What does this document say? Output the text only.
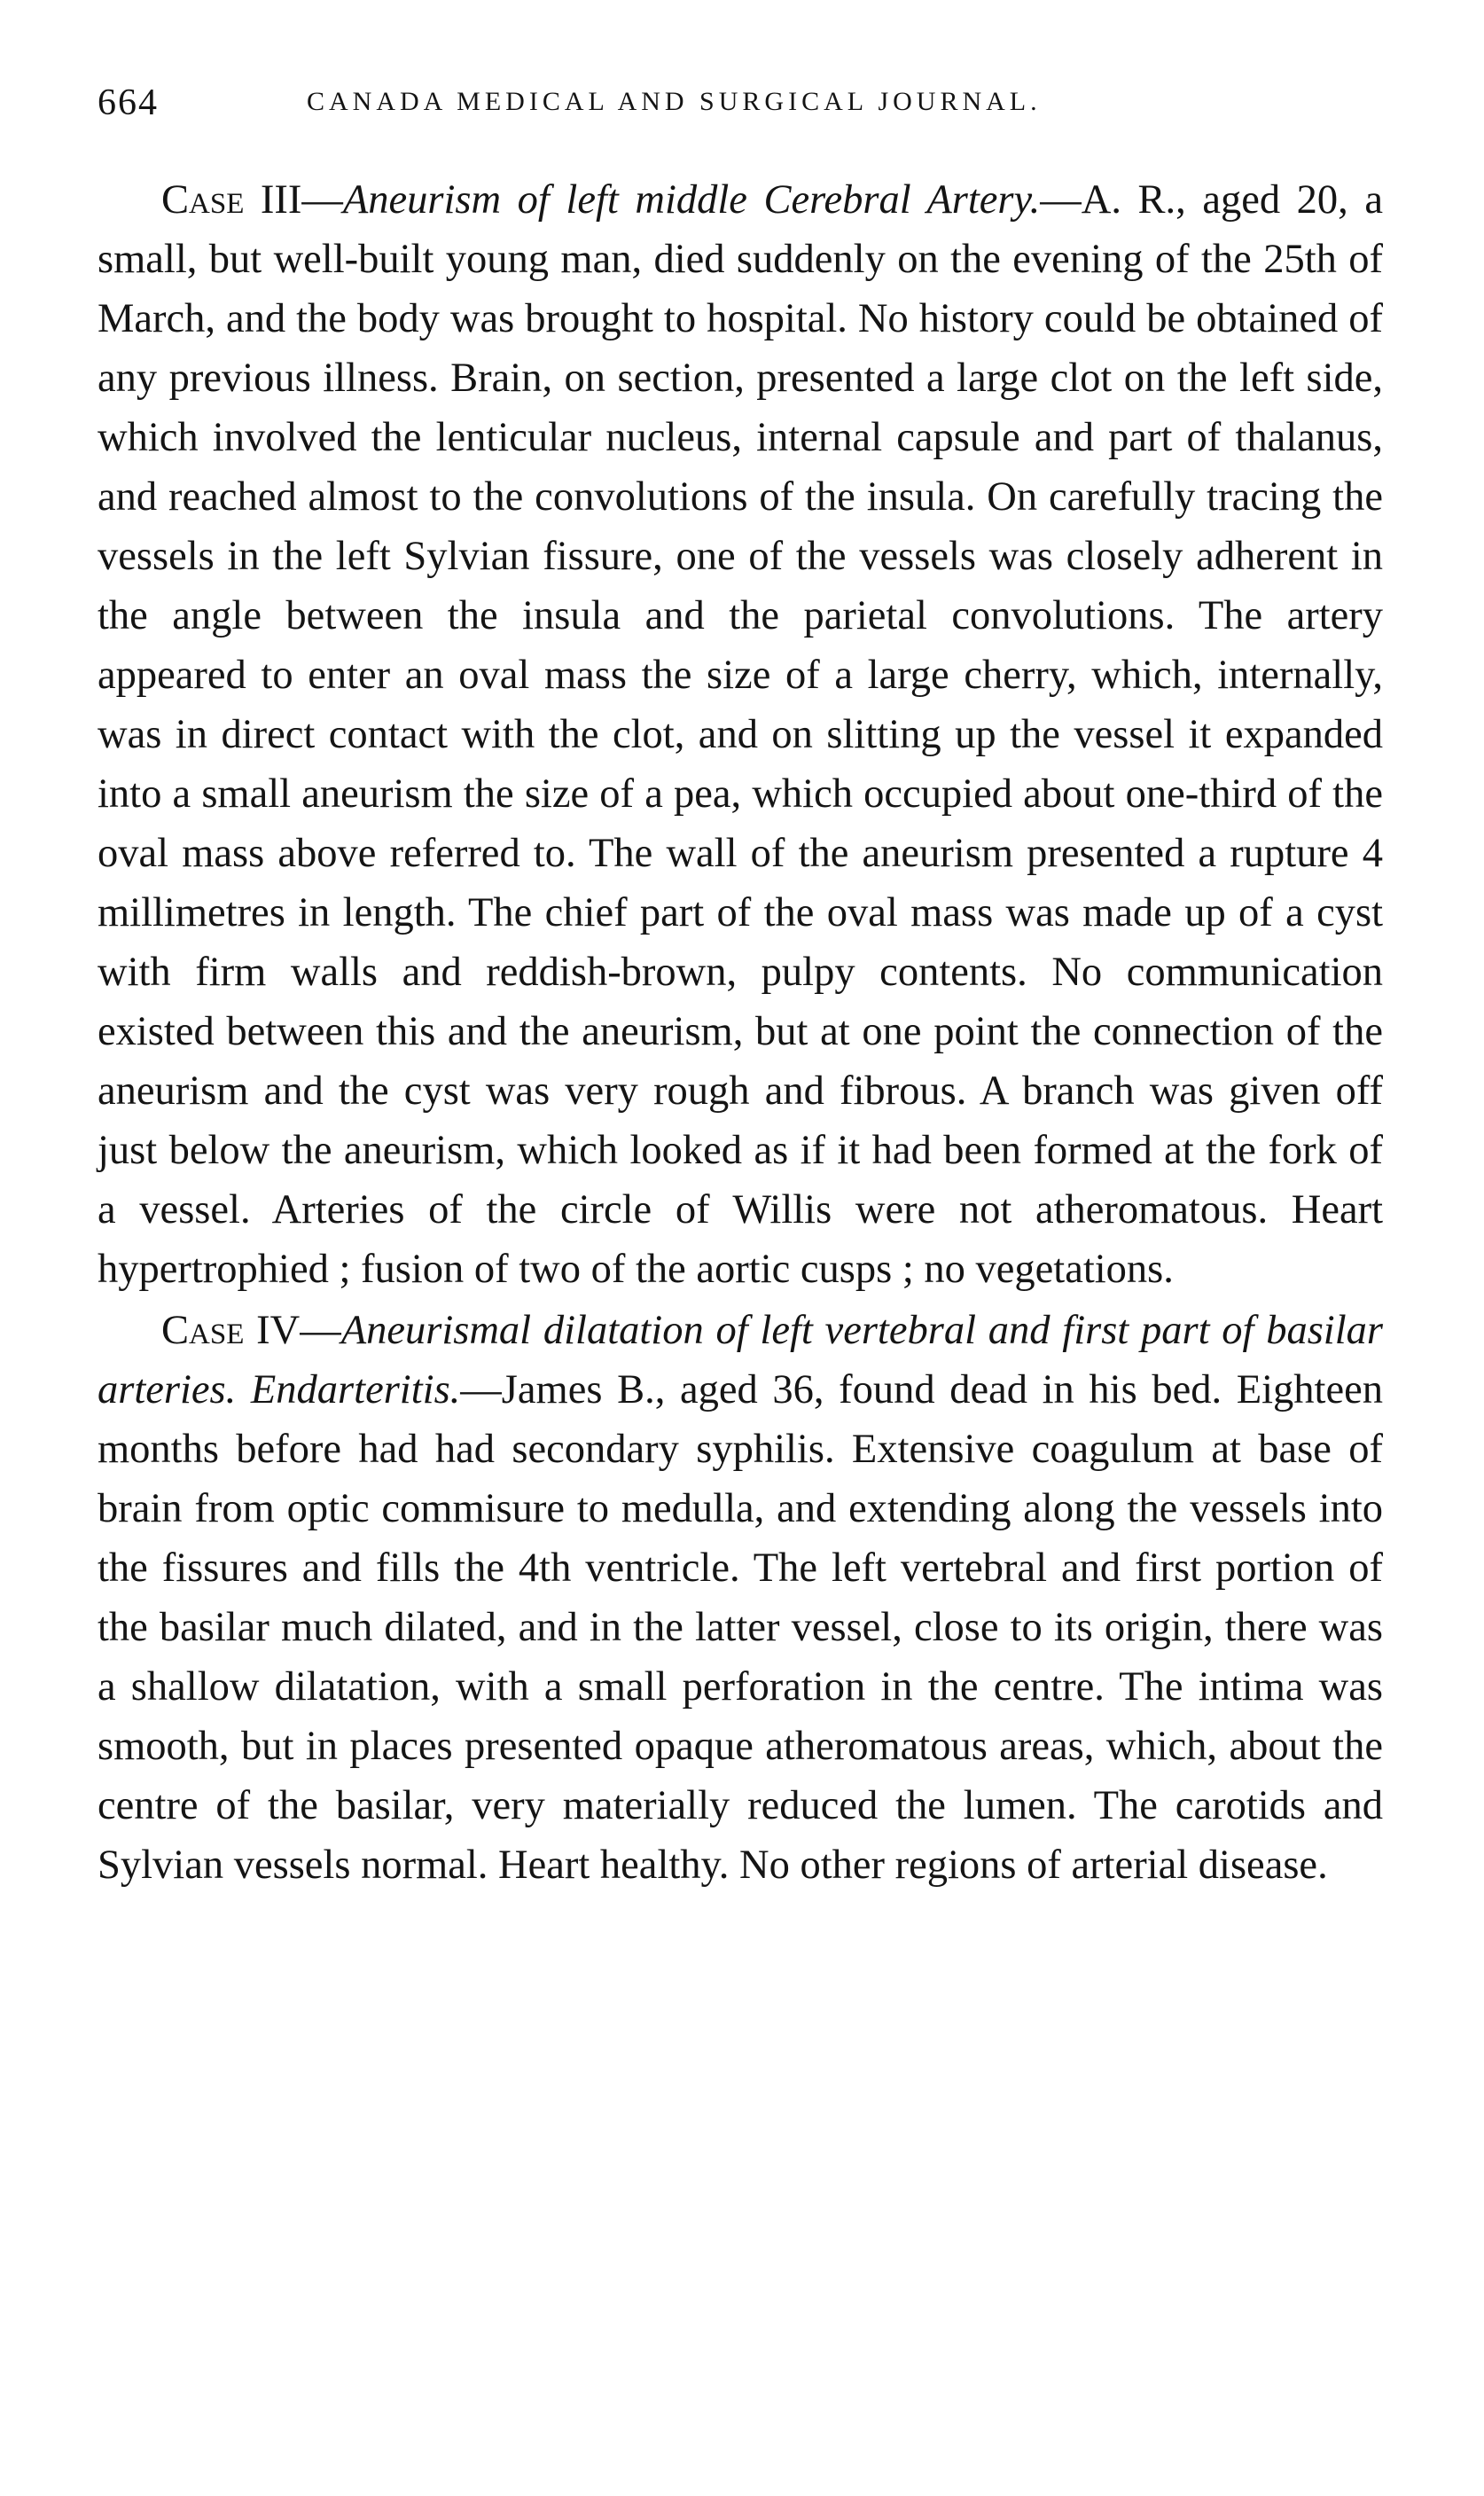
664	CANADA MEDICAL AND SURGICAL JOURNAL.

Case III—Aneurism of left middle Cerebral Artery.—A. R., aged 20, a small, but well-built young man, died suddenly on the evening of the 25th of March, and the body was brought to hospital. No history could be obtained of any previous illness. Brain, on section, presented a large clot on the left side, which involved the lenticular nucleus, internal capsule and part of thalanus, and reached almost to the convolutions of the insula. On carefully tracing the vessels in the left Sylvian fissure, one of the vessels was closely adherent in the angle between the insula and the parietal convolutions. The artery appeared to enter an oval mass the size of a large cherry, which, internally, was in direct contact with the clot, and on slitting up the vessel it expanded into a small aneurism the size of a pea, which occupied about one-third of the oval mass above referred to. The wall of the aneurism presented a rupture 4 millimetres in length. The chief part of the oval mass was made up of a cyst with firm walls and reddish-brown, pulpy contents. No communication existed between this and the aneurism, but at one point the connection of the aneurism and the cyst was very rough and fibrous. A branch was given off just below the aneurism, which looked as if it had been formed at the fork of a vessel. Arteries of the circle of Willis were not atheromatous. Heart hypertrophied ; fusion of two of the aortic cusps ; no vegetations.

Case IV—Aneurismal dilatation of left vertebral and first part of basilar arteries. Endarteritis.—James B., aged 36, found dead in his bed. Eighteen months before had had secondary syphilis. Extensive coagulum at base of brain from optic commisure to medulla, and extending along the vessels into the fissures and fills the 4th ventricle. The left vertebral and first portion of the basilar much dilated, and in the latter vessel, close to its origin, there was a shallow dilatation, with a small perforation in the centre. The intima was smooth, but in places presented opaque atheromatous areas, which, about the centre of the basilar, very materially reduced the lumen. The carotids and Sylvian vessels normal. Heart healthy. No other regions of arterial disease.
